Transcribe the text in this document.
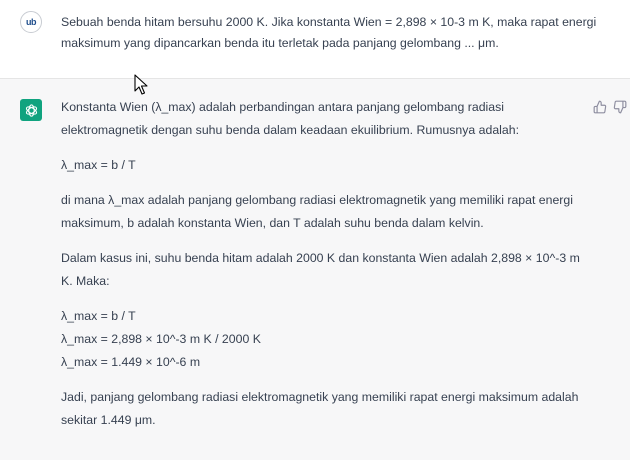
ub	Sebuah benda hitam bersuhu 2000 K. Jika konstanta Wien = 2,898 × 10-3 m K, maka rapat energi maksimum yang dipancarkan benda itu terletak pada panjang gelombang ... μm.

Konstanta Wien (λ_max) adalah perbandingan antara panjang gelombang radiasi elektromagnetik dengan suhu benda dalam keadaan ekuilibrium. Rumusnya adalah:

λ_max = b / T

di mana λ_max adalah panjang gelombang radiasi elektromagnetik yang memiliki rapat energi maksimum, b adalah konstanta Wien, dan T adalah suhu benda dalam kelvin.

Dalam kasus ini, suhu benda hitam adalah 2000 K dan konstanta Wien adalah 2,898 × 10^-3 m K. Maka:

λ_max = b / T

λ_max = 2,898 × 10^-3 m K / 2000 K

λ_max = 1.449 × 10^-6 m

Jadi, panjang gelombang radiasi elektromagnetik yang memiliki rapat energi maksimum adalah sekitar 1.449 μm.
